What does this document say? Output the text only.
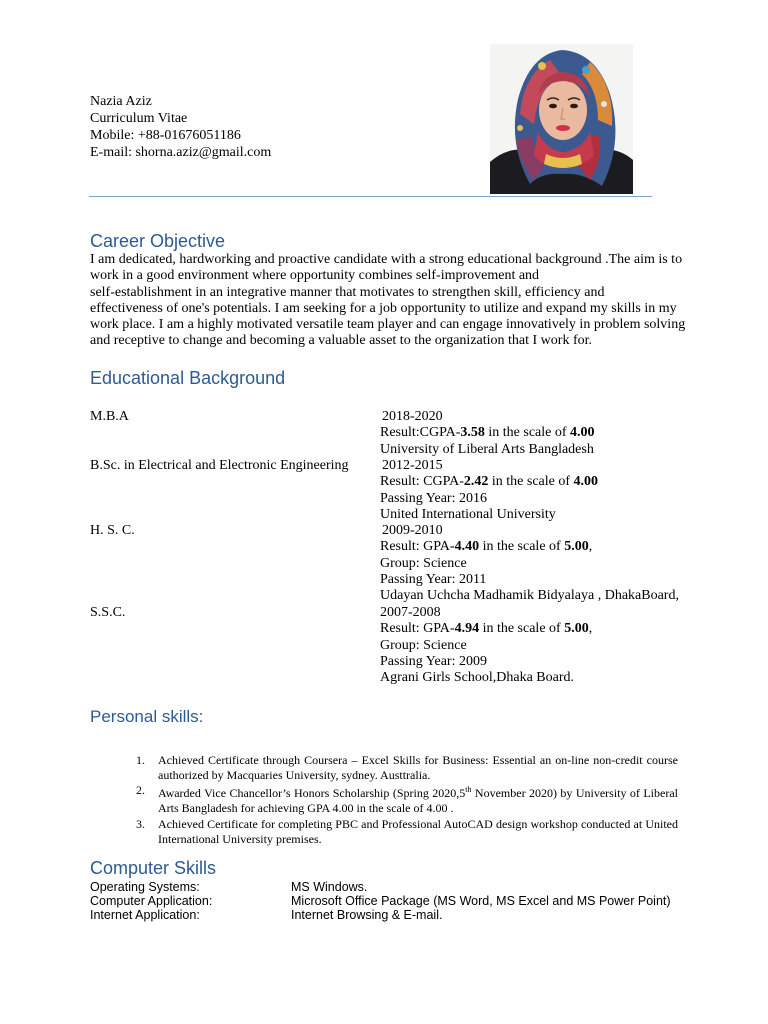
Nazia Aziz
Curriculum Vitae
Mobile: +88-01676051186
E-mail: shorna.aziz@gmail.com
Career Objective
I am dedicated, hardworking and proactive candidate with a strong educational background .The aim is to
work in a good environment where opportunity combines self-improvement and
self-establishment in an integrative manner that motivates to strengthen skill, efficiency and
effectiveness of one's potentials. I am seeking for a job opportunity to utilize and expand my skills in my
work place. I am a highly motivated versatile team player and can engage innovatively in problem solving
and receptive to change and becoming a valuable asset to the organization that I work for.
Educational Background
M.B.A	2018-2020
Result:CGPA-3.58 in the scale of 4.00
University of Liberal Arts Bangladesh
B.Sc. in Electrical and Electronic Engineering 2012-2015
Result: CGPA-2.42 in the scale of 4.00
Passing Year: 2016
United International University
H. S. C.	2009-2010
Result: GPA-4.40 in the scale of 5.00,
Group: Science
Passing Year: 2011
Udayan Uchcha Madhamik Bidyalaya , DhakaBoard,
S.S.C.	2007-2008
Result: GPA-4.94 in the scale of 5.00,
Group: Science
Passing Year: 2009
Agrani Girls School,Dhaka Board.
Personal skills:
1.	Achieved Certificate through Coursera – Excel Skills for Business: Essential an on-line non-credit course authorized by Macquaries University, sydney. Austtralia.
2.	Awarded Vice Chancellor’s Honors Scholarship (Spring 2020,5th November 2020) by University of Liberal Arts Bangladesh for achieving GPA 4.00 in the scale of 4.00 .
3.	Achieved Certificate for completing PBC and Professional AutoCAD design workshop conducted at United International University premises.
Computer Skills
Operating Systems:	MS Windows.
Computer Application:	Microsoft Office Package (MS Word, MS Excel and MS Power Point)
Internet Application:	Internet Browsing & E-mail.
